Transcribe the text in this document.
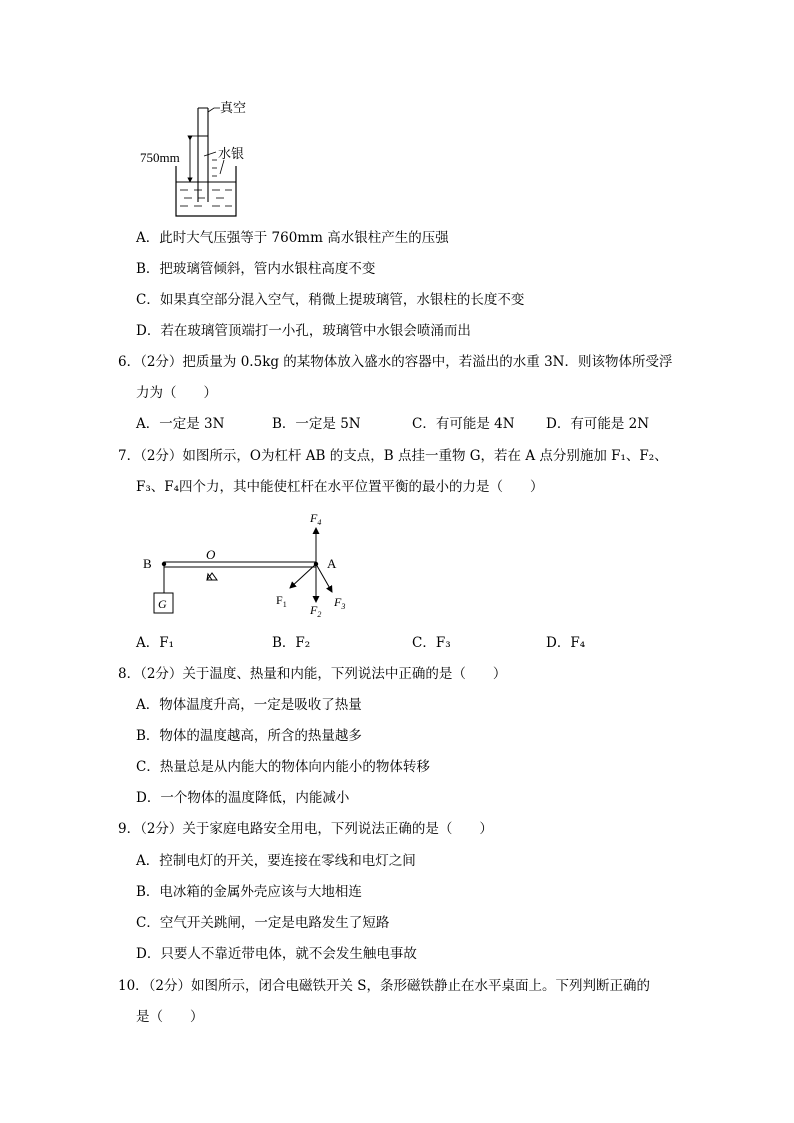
真空
750mm	水银
A．此时大气压强等于 760mm 高水银柱产生的压强
B．把玻璃管倾斜，管内水银柱高度不变
C．如果真空部分混入空气，稍微上提玻璃管，水银柱的长度不变
D．若在玻璃管顶端打一小孔，玻璃管中水银会喷涌而出
6．（2分）把质量为 0.5kg 的某物体放入盛水的容器中，若溢出的水重 3N．则该物体所受浮
力为（　　）
A．一定是 3N	B．一定是 5N	C．有可能是 4N D．有可能是 2N
7．（2分）如图所示，O为杠杆 AB 的支点，B 点挂一重物 G，若在 A 点分别施加 F₁、F₂、
F₃、F₄四个力，其中能使杠杆在水平位置平衡的最小的力是（　　）
G
B
O
A
$F_4$
$F_1$ $F_2$
$F_3$
A．F₁	B．F₂	C．F₃	D．F₄
8．（2分）关于温度、热量和内能，下列说法中正确的是（　　）
A．物体温度升高，一定是吸收了热量
B．物体的温度越高，所含的热量越多
C．热量总是从内能大的物体向内能小的物体转移
D．一个物体的温度降低，内能减小
9．（2分）关于家庭电路安全用电，下列说法正确的是（　　）
A．控制电灯的开关，要连接在零线和电灯之间
B．电冰箱的金属外壳应该与大地相连
C．空气开关跳闸，一定是电路发生了短路
D．只要人不靠近带电体，就不会发生触电事故
10．（2分）如图所示，闭合电磁铁开关 S，条形磁铁静止在水平桌面上。下列判断正确的
是（　　）
